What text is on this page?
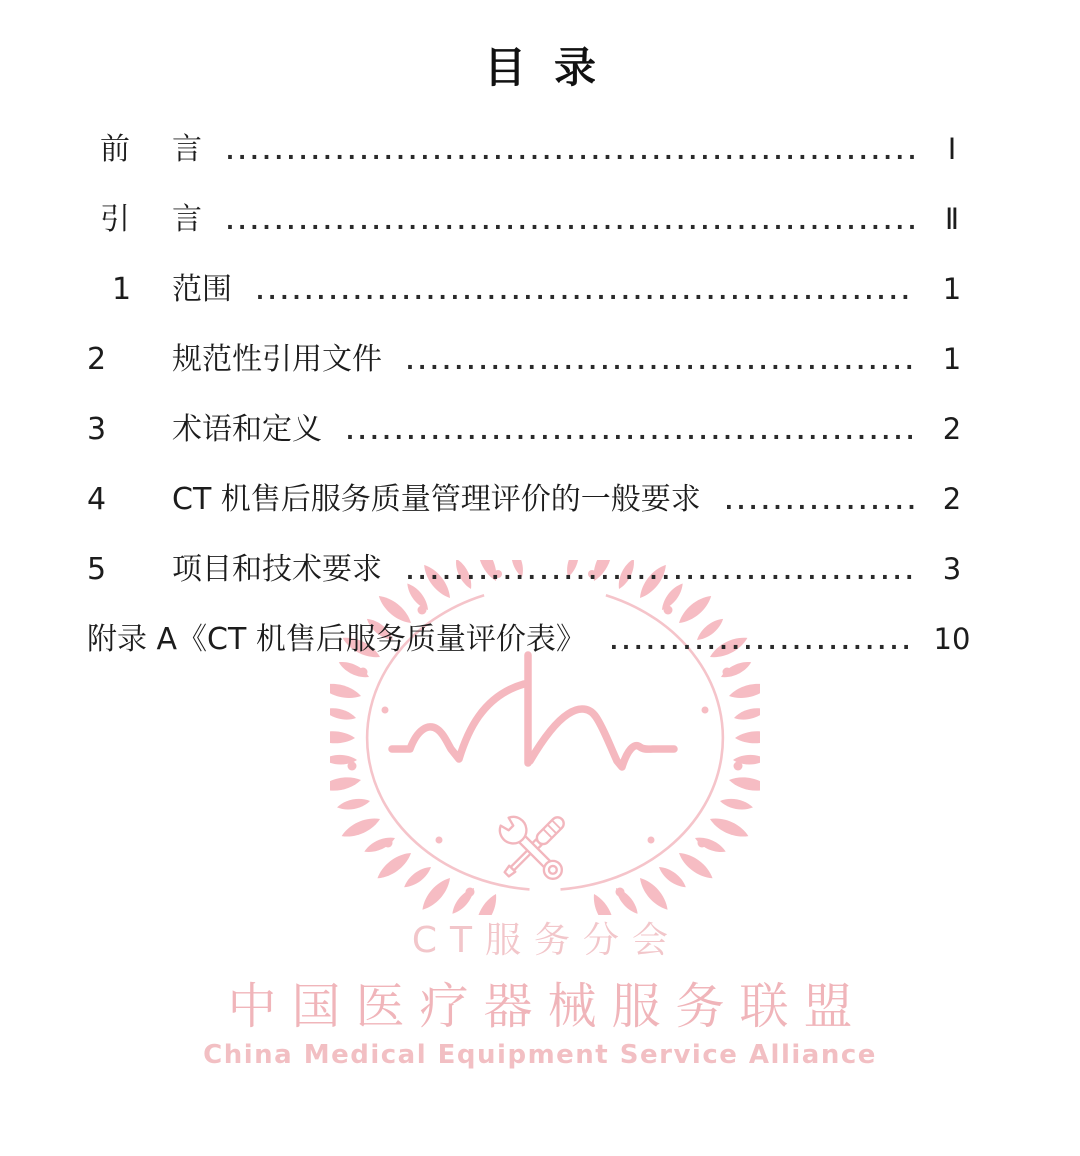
CT服务分会
中国医疗器械服务联盟
China Medical Equipment Service Alliance
目录
前	言 .....	Ⅰ
引	言 .....	Ⅱ
1	范围 .....	1
2	规范性引用文件 .....	1
3	术语和定义 .....	2
4	CT 机售后服务质量管理评价的一般要求 .....	2
5	项目和技术要求 .....	3
附录 A 《CT 机售后服务质量评价表》 .....	10
